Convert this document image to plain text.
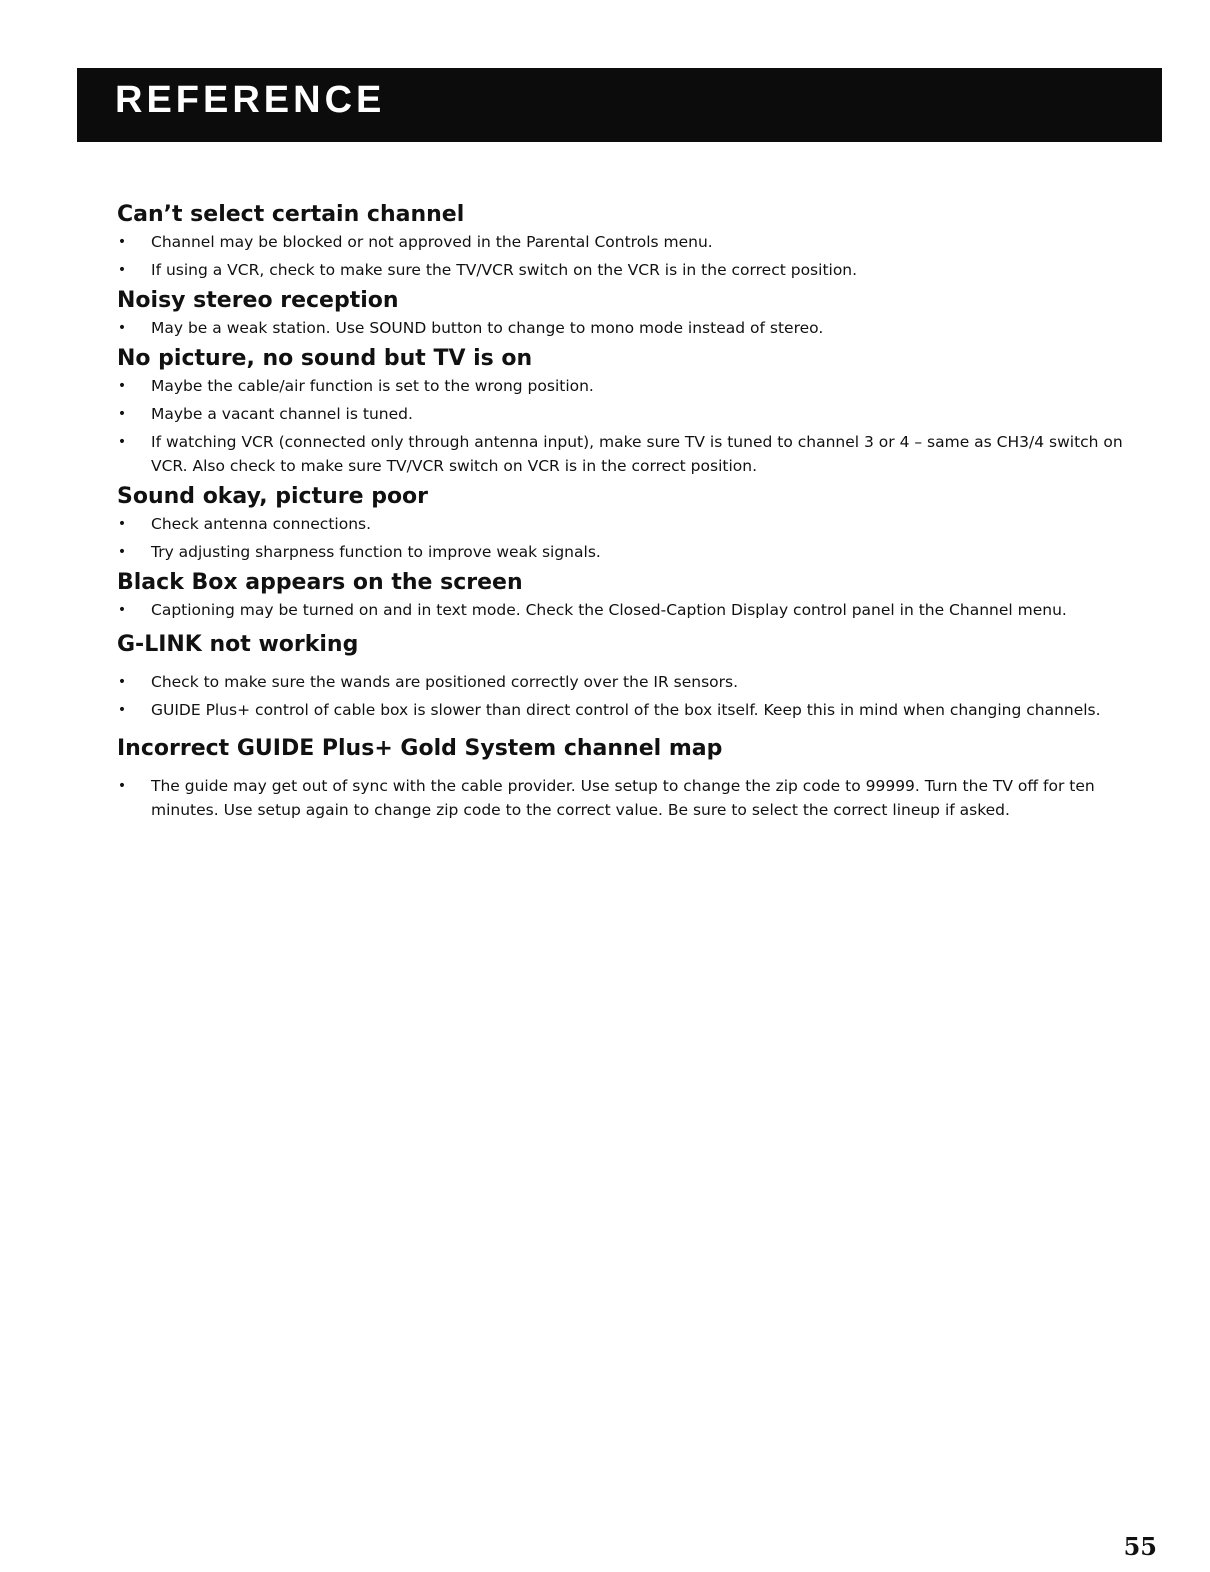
REFERENCE
Can’t select certain channel
• Channel may be blocked or not approved in the Parental Controls menu.
• If using a VCR, check to make sure the TV/VCR switch on the VCR is in the correct position.
Noisy stereo reception
• May be a weak station. Use SOUND button to change to mono mode instead of stereo.
No picture, no sound but TV is on
• Maybe the cable/air function is set to the wrong position.
• Maybe a vacant channel is tuned.
• If watching VCR (connected only through antenna input), make sure TV is tuned to channel 3 or 4 – same as CH3/4 switch on VCR. Also check to make sure TV/VCR switch on VCR is in the correct position.
Sound okay, picture poor
• Check antenna connections.
• Try adjusting sharpness function to improve weak signals.
Black Box appears on the screen
• Captioning may be turned on and in text mode. Check the Closed-Caption Display control panel in the Channel menu.
G-LINK not working
• Check to make sure the wands are positioned correctly over the IR sensors.
• GUIDE Plus+ control of cable box is slower than direct control of the box itself. Keep this in mind when changing channels.
Incorrect GUIDE Plus+ Gold System channel map
• The guide may get out of sync with the cable provider. Use setup to change the zip code to 99999. Turn the TV off for ten minutes. Use setup again to change zip code to the correct value. Be sure to select the correct lineup if asked.
55
